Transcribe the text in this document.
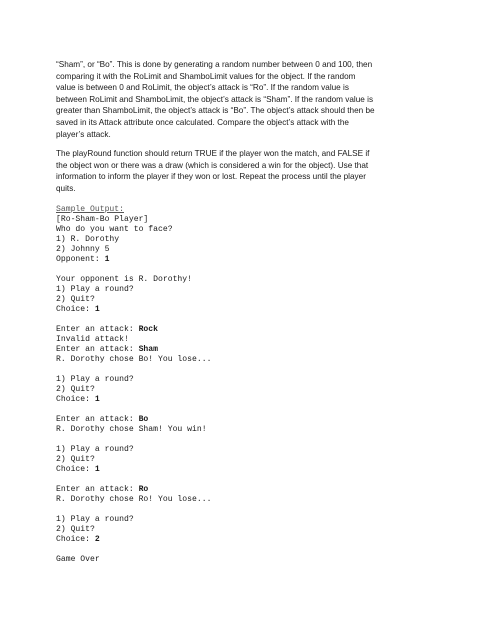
“Sham”, or “Bo”. This is done by generating a random number between 0 and 100, then
comparing it with the RoLimit and ShamboLimit values for the object. If the random
value is between 0 and RoLimit, the object’s attack is “Ro”. If the random value is
between RoLimit and ShamboLimit, the object’s attack is “Sham”. If the random value is
greater than ShamboLimit, the object’s attack is “Bo”. The object’s attack should then be
saved in its Attack attribute once calculated. Compare the object’s attack with the
player’s attack.
The playRound function should return TRUE if the player won the match, and FALSE if
the object won or there was a draw (which is considered a win for the object). Use that
information to inform the player if they won or lost. Repeat the process until the player
quits.
Sample Output:
[Ro-Sham-Bo Player]
Who do you want to face?
1) R. Dorothy
2) Johnny 5
Opponent: 1
Your opponent is R. Dorothy!
1) Play a round?
2) Quit?
Choice: 1
Enter an attack: Rock
Invalid attack!
Enter an attack: Sham
R. Dorothy chose Bo! You lose...
1) Play a round?
2) Quit?
Choice: 1
Enter an attack: Bo
R. Dorothy chose Sham! You win!
1) Play a round?
2) Quit?
Choice: 1
Enter an attack: Ro
R. Dorothy chose Ro! You lose...
1) Play a round?
2) Quit?
Choice: 2
Game Over
